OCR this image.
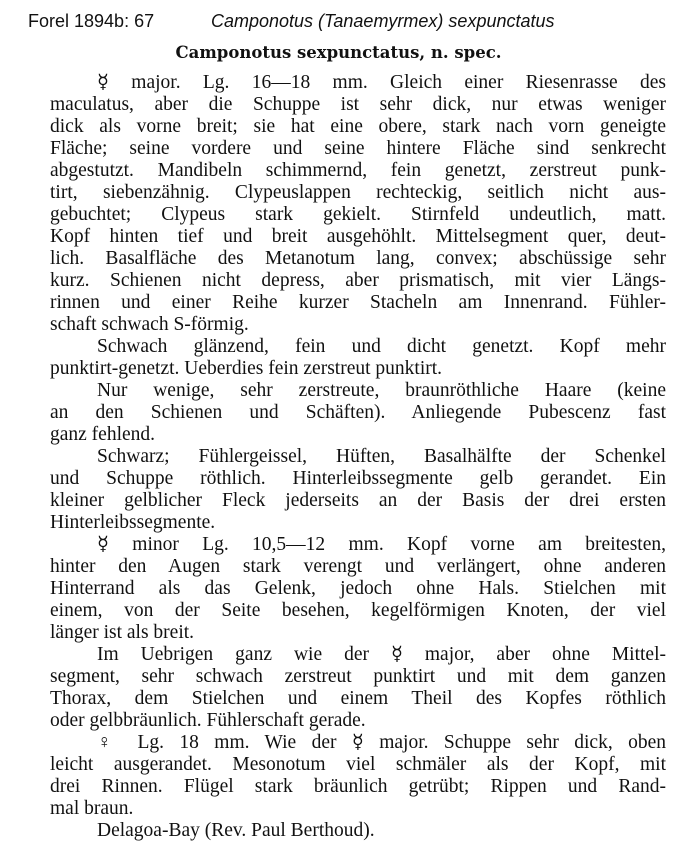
Forel 1894b: 67	Camponotus (Tanaemyrmex) sexpunctatus
Camponotus sexpunctatus, n. spec.
☿ major. Lg. 16—18 mm. Gleich einer Riesenrasse des
maculatus, aber die Schuppe ist sehr dick, nur etwas weniger
dick als vorne breit; sie hat eine obere, stark nach vorn geneigte
Fläche; seine vordere und seine hintere Fläche sind senkrecht
abgestutzt. Mandibeln schimmernd, fein genetzt, zerstreut punk-
tirt, siebenzähnig. Clypeuslappen rechteckig, seitlich nicht aus-
gebuchtet; Clypeus stark gekielt. Stirnfeld undeutlich, matt.
Kopf hinten tief und breit ausgehöhlt. Mittelsegment quer, deut-
lich. Basalfläche des Metanotum lang, convex; abschüssige sehr
kurz. Schienen nicht depress, aber prismatisch, mit vier Längs-
rinnen und einer Reihe kurzer Stacheln am Innenrand. Fühler-
schaft schwach S-förmig.
Schwach glänzend, fein und dicht genetzt. Kopf mehr
punktirt-genetzt. Ueberdies fein zerstreut punktirt.
Nur wenige, sehr zerstreute, braunröthliche Haare (keine
an den Schienen und Schäften). Anliegende Pubescenz fast
ganz fehlend.
Schwarz; Fühlergeissel, Hüften, Basalhälfte der Schenkel
und Schuppe röthlich. Hinterleibssegmente gelb gerandet. Ein
kleiner gelblicher Fleck jederseits an der Basis der drei ersten
Hinterleibssegmente.
☿ minor Lg. 10,5—12 mm. Kopf vorne am breitesten,
hinter den Augen stark verengt und verlängert, ohne anderen
Hinterrand als das Gelenk, jedoch ohne Hals. Stielchen mit
einem, von der Seite besehen, kegelförmigen Knoten, der viel
länger ist als breit.
Im Uebrigen ganz wie der ☿ major, aber ohne Mittel-
segment, sehr schwach zerstreut punktirt und mit dem ganzen
Thorax, dem Stielchen und einem Theil des Kopfes röthlich
oder gelbbräunlich. Fühlerschaft gerade.
♀ Lg. 18 mm. Wie der ☿ major. Schuppe sehr dick, oben
leicht ausgerandet. Mesonotum viel schmäler als der Kopf, mit
drei Rinnen. Flügel stark bräunlich getrübt; Rippen und Rand-
mal braun.
Delagoa-Bay (Rev. Paul Berthoud).
